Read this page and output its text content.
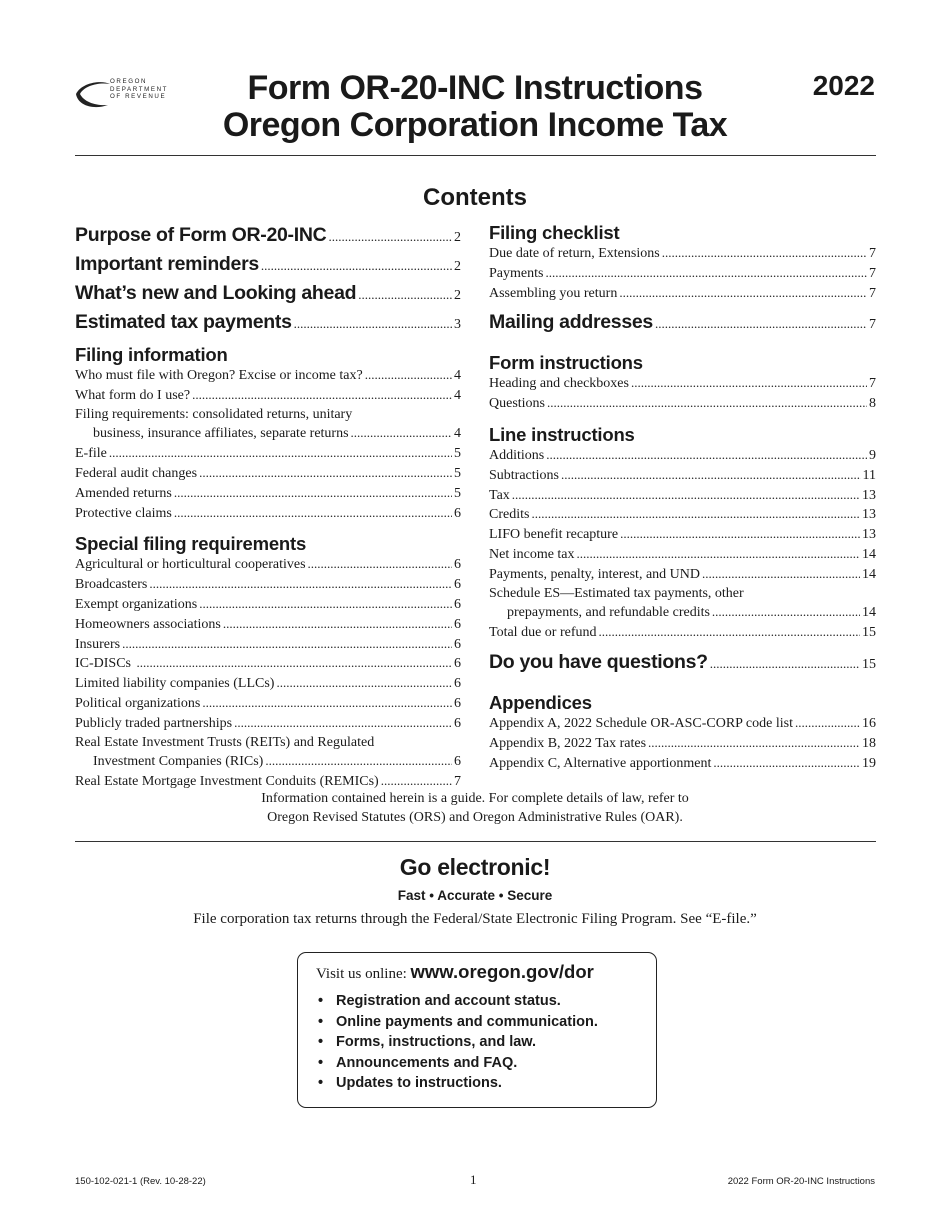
OREGON
DEPARTMENT
OF REVENUE	Form OR-20-INC Instructions
Oregon Corporation Income Tax
2022
Contents
Purpose of Form OR-20-INC .....	2
Important reminders .....	2
What’s new and Looking ahead .....	2
Estimated tax payments .....	3
Filing information
Who must file with Oregon? Excise or income tax? .....	4
What form do I use? .....	4
Filing requirements: consolidated returns, unitary
business, insurance affiliates, separate returns .....	4
E-file .....	5
Federal audit changes .....	5
Amended returns .....	5
Protective claims .....	6
Special filing requirements
Agricultural or horticultural cooperatives .....	6
Broadcasters .....	6
Exempt organizations .....	6
Homeowners associations .....	6
Insurers .....	6
IC-DISCs .....	6
Limited liability companies (LLCs) .....	6
Political organizations .....	6
Publicly traded partnerships .....	6
Real Estate Investment Trusts (REITs) and Regulated
Investment Companies (RICs) .....	6
Real Estate Mortgage Investment Conduits (REMICs) .....	7
Filing checklist
Due date of return, Extensions .....	7
Payments .....	7
Assembling you return .....	7
Mailing addresses .....	7
Form instructions
Heading and checkboxes .....	7
Questions .....	8
Line instructions
Additions .....	9
Subtractions .....	11
Tax .....	13
Credits .....	13
LIFO benefit recapture .....	13
Net income tax .....	14
Payments, penalty, interest, and UND .....	14
Schedule ES—Estimated tax payments, other
prepayments, and refundable credits .....	14
Total due or refund .....	15
Do you have questions? .....	15
Appendices
Appendix A, 2022 Schedule OR-ASC-CORP code list .....	16
Appendix B, 2022 Tax rates .....	18
Appendix C, Alternative apportionment .....	19
Information contained herein is a guide. For complete details of law, refer to
Oregon Revised Statutes (ORS) and Oregon Administrative Rules (OAR).
Go electronic!
Fast • Accurate • Secure
File corporation tax returns through the Federal/State Electronic Filing Program. See “E-file.”
Visit us online: www.oregon.gov/dor
• Registration and account status.
• Online payments and communication.
• Forms, instructions, and law.
• Announcements and FAQ.
• Updates to instructions.
150-102-021-1 (Rev. 10-28-22)	1	2022 Form OR-20-INC Instructions
